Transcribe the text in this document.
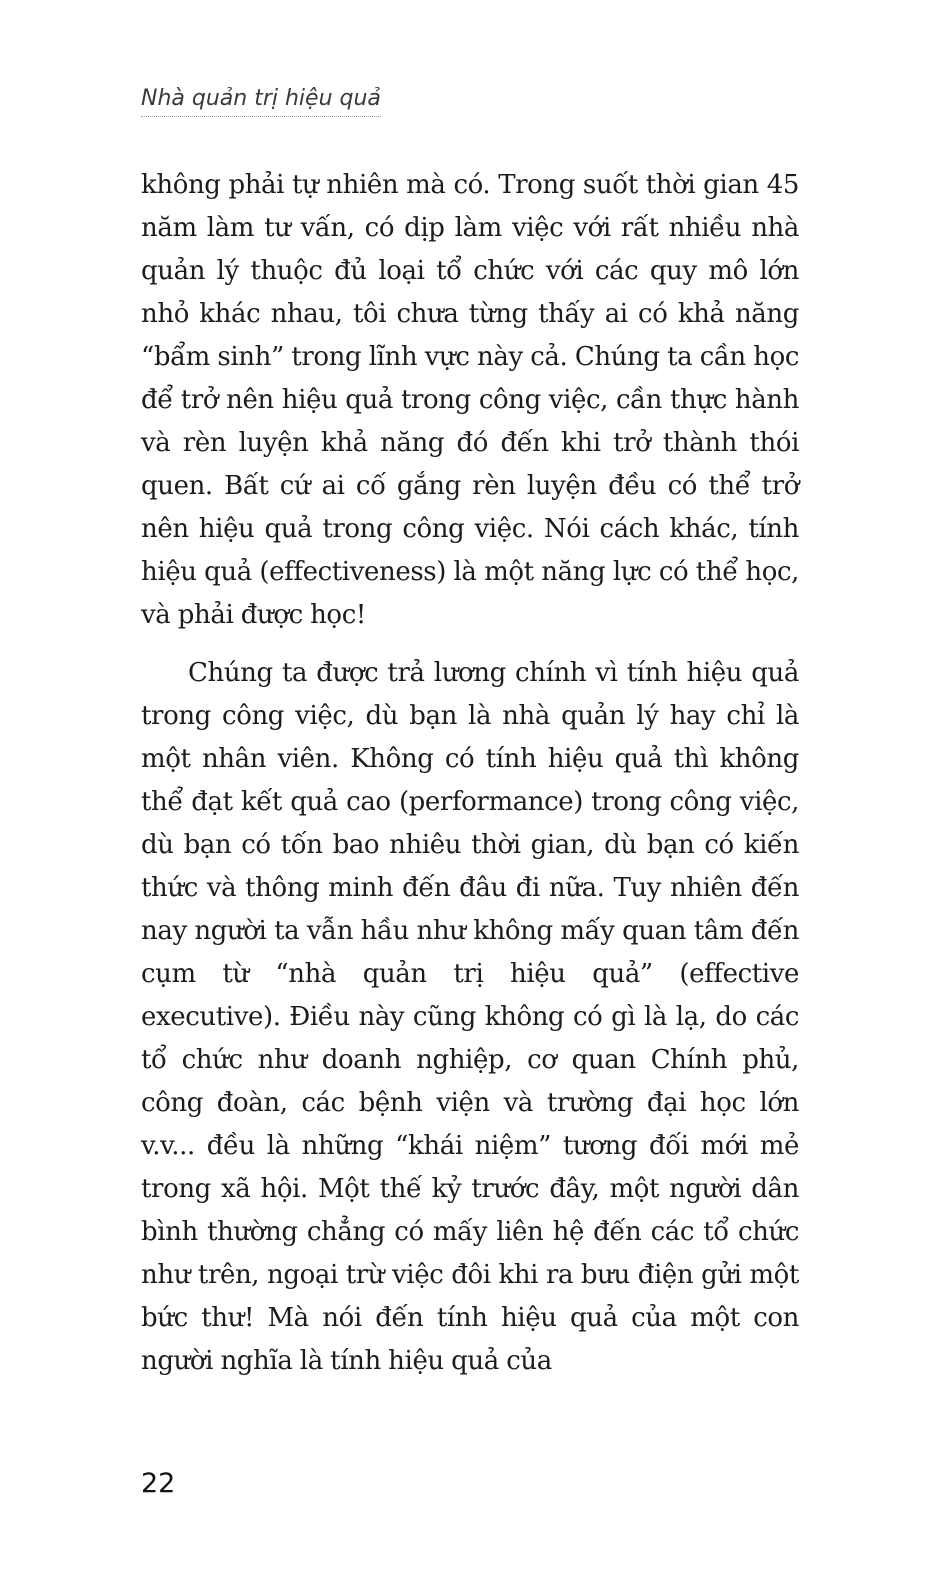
Nhà quản trị hiệu quả

không phải tự nhiên mà có. Trong suốt thời gian 45 năm làm tư vấn, có dịp làm việc với rất nhiều nhà quản lý thuộc đủ loại tổ chức với các quy mô lớn nhỏ khác nhau, tôi chưa từng thấy ai có khả năng “bẩm sinh” trong lĩnh vực này cả. Chúng ta cần học để trở nên hiệu quả trong công việc, cần thực hành và rèn luyện khả năng đó đến khi trở thành thói quen. Bất cứ ai cố gắng rèn luyện đều có thể trở nên hiệu quả trong công việc. Nói cách khác, tính hiệu quả (effectiveness) là một năng lực có thể học, và phải được học!

Chúng ta được trả lương chính vì tính hiệu quả trong công việc, dù bạn là nhà quản lý hay chỉ là một nhân viên. Không có tính hiệu quả thì không thể đạt kết quả cao (performance) trong công việc, dù bạn có tốn bao nhiêu thời gian, dù bạn có kiến thức và thông minh đến đâu đi nữa. Tuy nhiên đến nay người ta vẫn hầu như không mấy quan tâm đến cụm từ “nhà quản trị hiệu quả” (effective executive). Điều này cũng không có gì là lạ, do các tổ chức như doanh nghiệp, cơ quan Chính phủ, công đoàn, các bệnh viện và trường đại học lớn v.v... đều là những “khái niệm” tương đối mới mẻ trong xã hội. Một thế kỷ trước đây, một người dân bình thường chẳng có mấy liên hệ đến các tổ chức như trên, ngoại trừ việc đôi khi ra bưu điện gửi một bức thư! Mà nói đến tính hiệu quả của một con người nghĩa là tính hiệu quả của

22
